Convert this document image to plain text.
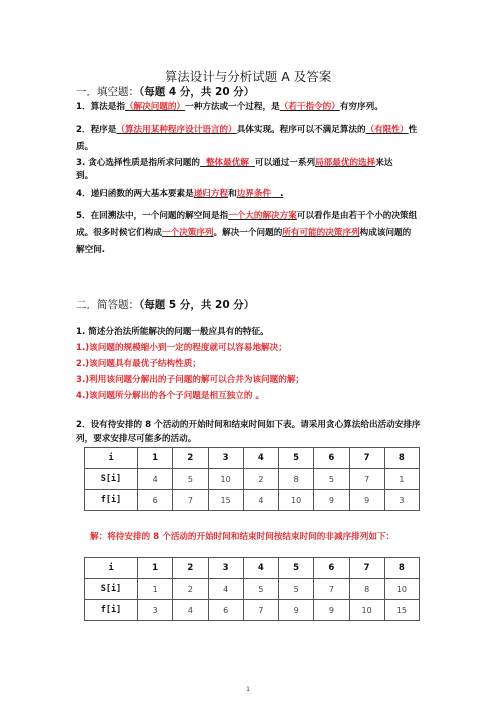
算法设计与分析试题 A 及答案
一．填空题：（每题 4 分，共 20 分）
1．算法是指（解决问题的）一种方法或一个过程，是（若干指令的）有穷序列。
2．程序是（算法用某种程序设计语言的）具体实现。程序可以不满足算法的（有限性）性
质。
3. 贪心选择性质是指所求问题的  整体最优解  可以通过一系列局部最优的选择来达
到。
4．递归函数的两大基本要素是递归方程和边界条件   .
5．在回溯法中，一个问题的解空间是指一个大的解决方案可以看作是由若干个小的决策组
成。很多时候它们构成一个决策序列。解决一个问题的所有可能的决策序列构成该问题的
解空间.
二．简答题：（每题 5 分，共 20 分）
1. 简述分治法所能解决的问题一般应具有的特征。
1.)该问题的规模缩小到一定的程度就可以容易地解决；
2.)该问题具有最优子结构性质；
3.)利用该问题分解出的子问题的解可以合并为该问题的解；
4.)该问题所分解出的各个子问题是相互独立的 。
2．设有待安排的 8 个活动的开始时间和结束时间如下表。请采用贪心算法给出活动安排序
列，要求安排尽可能多的活动。
i	1	2	3	4	5	6	7	8
S[i]	4	5	10	2	8	5	7	1
f[i]	6	7	15	4	10	9	9	3
解：将待安排的 8 个活动的开始时间和结束时间按结束时间的非减序排列如下：
i	1	2	3	4	5	6	7	8
S[i]	1	2	4	5	5	7	8	10
f[i]	3	4	6	7	9	9	10	15
1
